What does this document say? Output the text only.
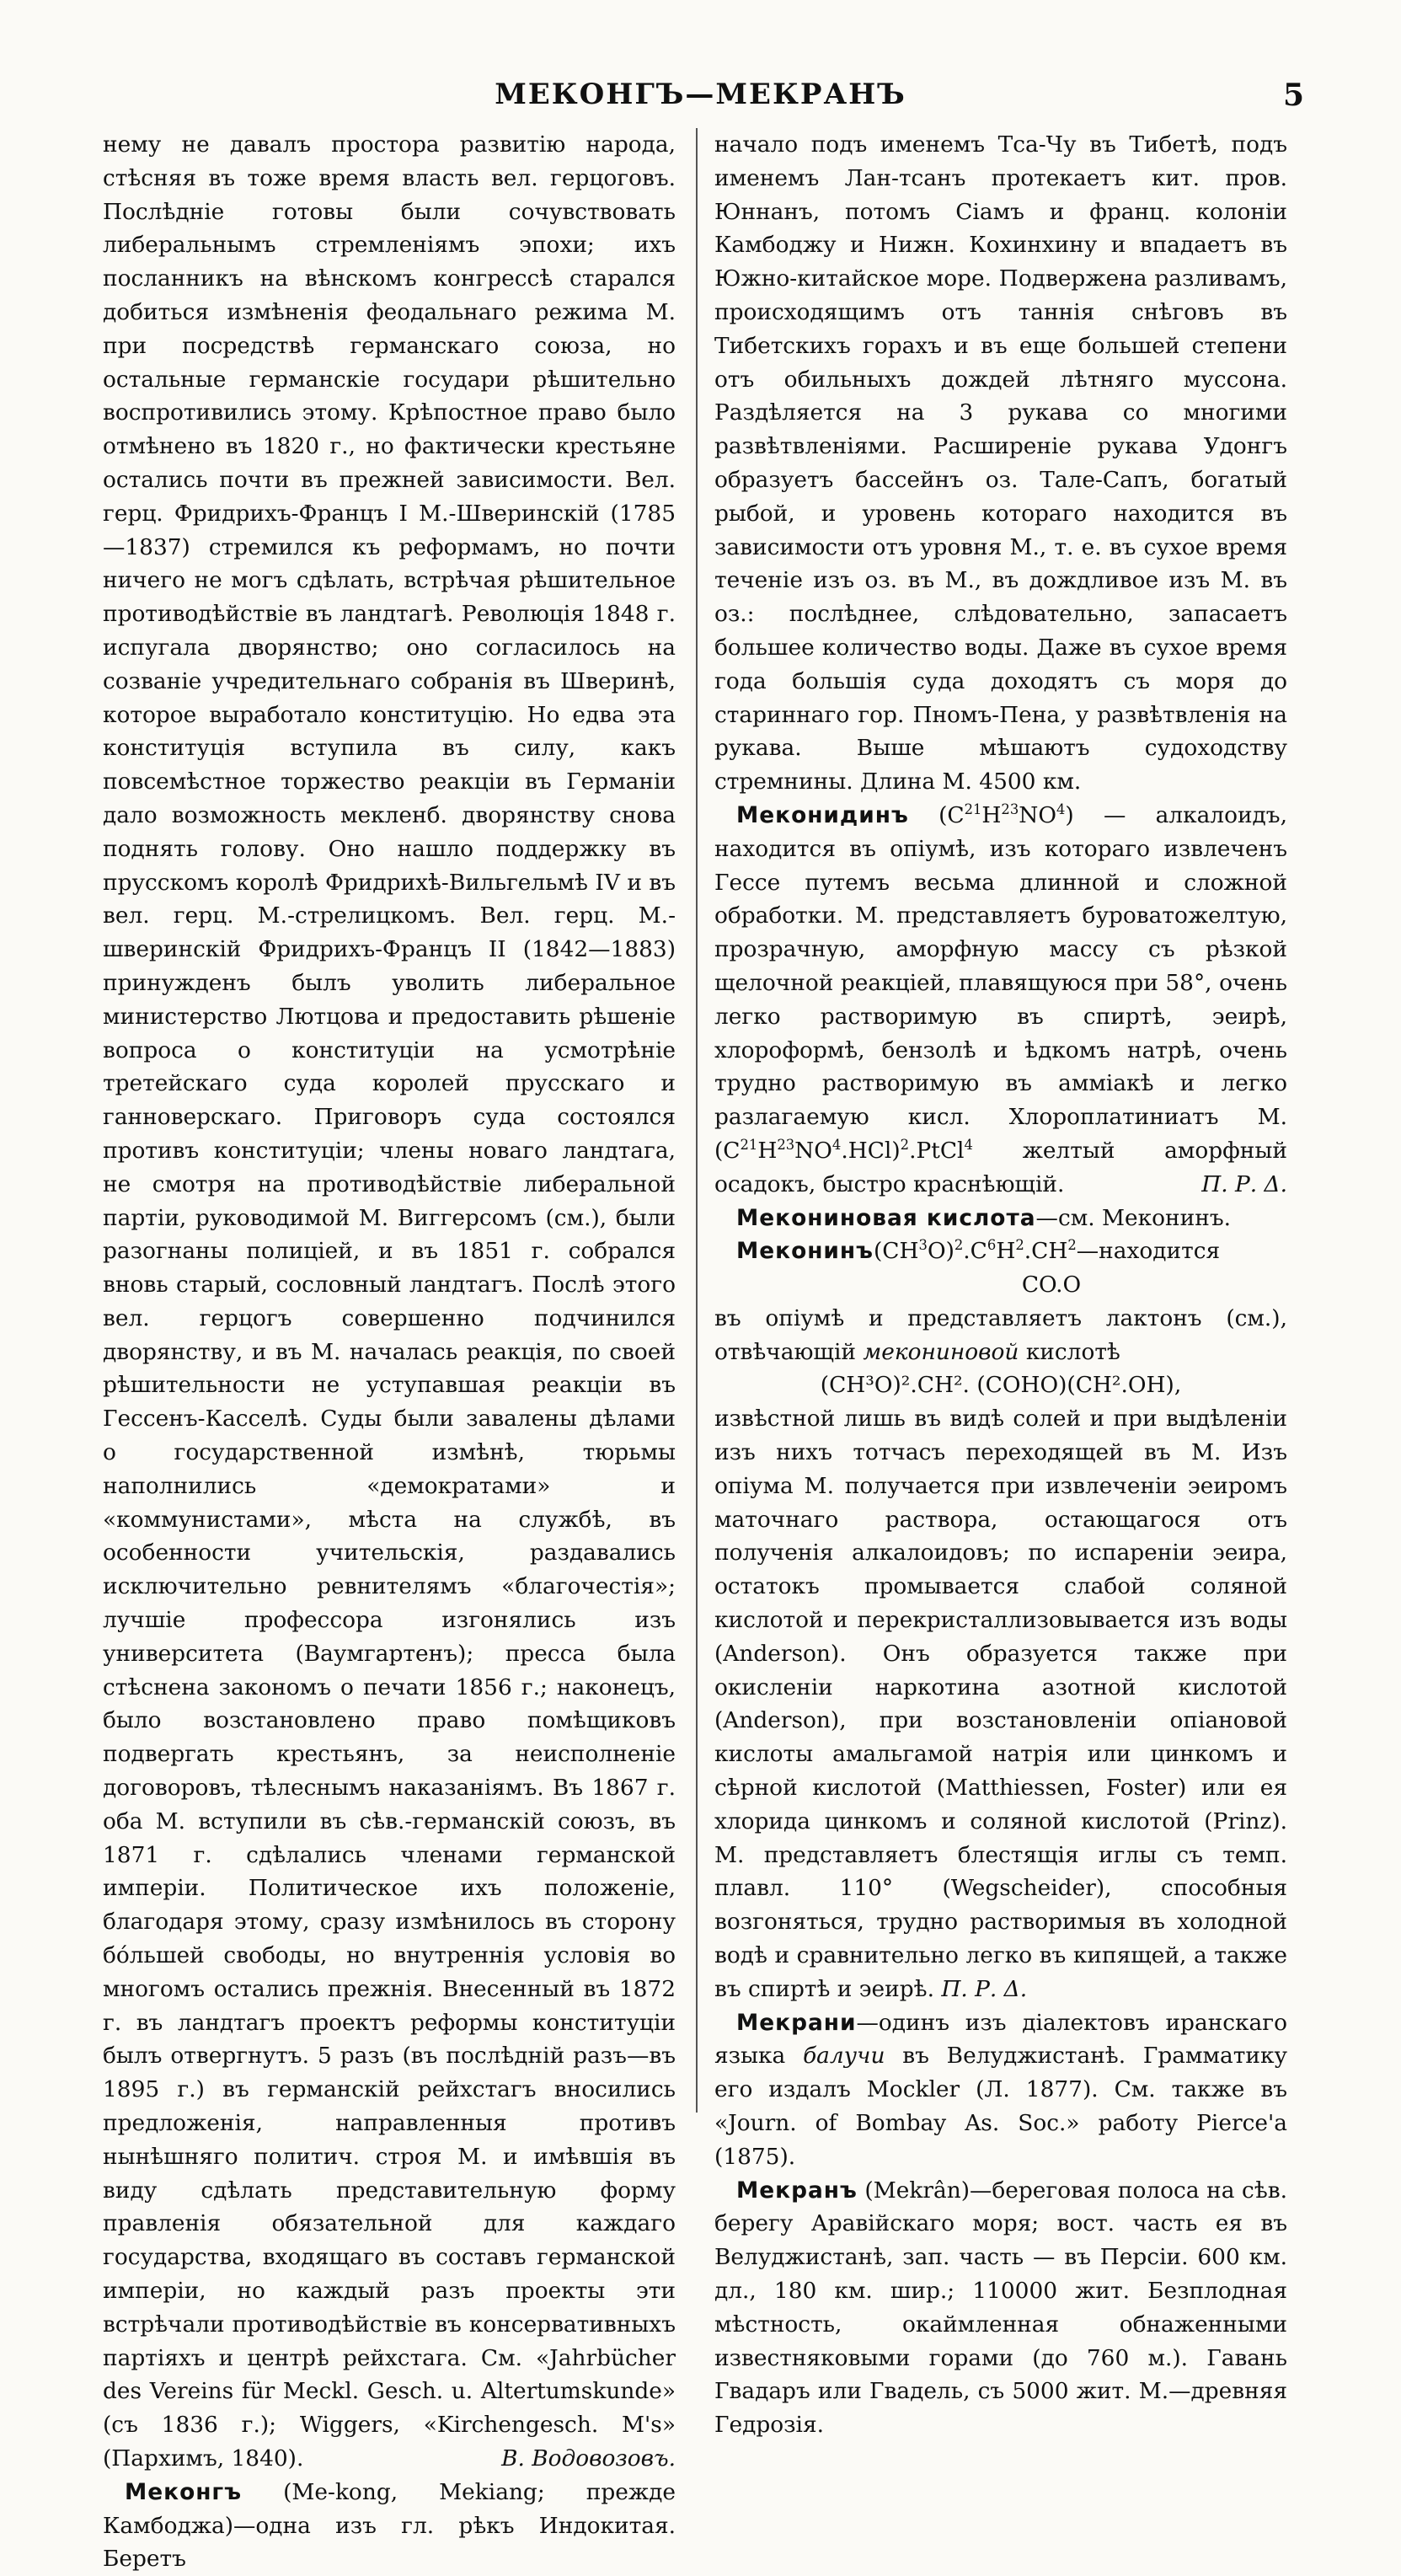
МЕКОНГЪ—МЕКРАНЪ	5

нему не давалъ простора развитію народа, стѣсняя въ тоже время власть вел. герцоговъ. Послѣдніе готовы были сочувствовать либеральнымъ стремленіямъ эпохи; ихъ посланникъ на вѣнскомъ конгрессѣ старался добиться измѣненія феодальнаго режима М. при посредствѣ германскаго союза, но остальные германскіе государи рѣшительно воспротивились этому. Крѣпостное право было отмѣнено въ 1820 г., но фактически крестьяне остались почти въ прежней зависимости. Вел. герц. Фридрихъ-Францъ I М.-Шверинскій (1785—1837) стремился къ реформамъ, но почти ничего не могъ сдѣлать, встрѣчая рѣшительное противодѣйствіе въ ландтагѣ. Революція 1848 г. испугала дворянство; оно согласилось на созваніе учредительнаго собранія въ Шверинѣ, которое выработало конституцію. Но едва эта конституція вступила въ силу, какъ повсемѣстное торжество реакціи въ Германіи дало возможность мекленб. дворянству снова поднять голову. Оно нашло поддержку въ прусскомъ королѣ Фридрихѣ-Вильгельмѣ IV и въ вел. герц. М.-стрелицкомъ. Вел. герц. М.-шверинскій Фридрихъ-Францъ II (1842—1883) принужденъ былъ уволить либеральное министерство Лютцова и предоставить рѣшеніе вопроса о конституціи на усмотрѣніе третейскаго суда королей прусскаго и ганноверскаго. Приговоръ суда состоялся противъ конституціи; члены новаго ландтага, не смотря на противодѣйствіе либеральной партіи, руководимой М. Виггерсомъ (см.), были разогнаны полиціей, и въ 1851 г. собрался вновь старый, сословный ландтагъ. Послѣ этого вел. герцогъ совершенно подчинился дворянству, и въ М. началась реакція, по своей рѣшительности не уступавшая реакціи въ Гессенъ-Касселѣ. Суды были завалены дѣлами о государственной измѣнѣ, тюрьмы наполнились «демократами» и «коммунистами», мѣста на службѣ, въ особенности учительскія, раздавались исключительно ревнителямъ «благочестія»; лучшіе профессора изгонялись изъ университета (Ваумгартенъ); пресса была стѣснена закономъ о печати 1856 г.; наконецъ, было возстановлено право помѣщиковъ подвергать крестьянъ, за неисполненіе договоровъ, тѣлеснымъ наказаніямъ. Въ 1867 г. оба М. вступили въ сѣв.-германскій союзъ, въ 1871 г. сдѣлались членами германской имперіи. Политическое ихъ положеніе, благодаря этому, сразу измѣнилось въ сторону бо́льшей свободы, но внутреннія условія во многомъ остались прежнія. Внесенный въ 1872 г. въ ландтагъ проектъ реформы конституціи былъ отвергнутъ. 5 разъ (въ послѣдній разъ—въ 1895 г.) въ германскій рейхстагъ вносились предложенія, направленныя противъ нынѣшняго политич. строя М. и имѣвшія въ виду сдѣлать представительную форму правленія обязательной для каждаго государства, входящаго въ составъ германской имперіи, но каждый разъ проекты эти встрѣчали противодѣйствіе въ консервативныхъ партіяхъ и центрѣ рейхстага. См. «Jahrbücher des Vereins für Meckl. Gesch. u. Altertumskunde» (съ 1836 г.); Wiggers, «Kirchengesch. M's» (Пархимъ, 1840).	В. Водовозовъ.

Меконгъ (Me-kong, Mekiang; прежде Камбоджа)—одна изъ гл. рѣкъ Индокитая. Беретъ

начало подъ именемъ Тса-Чу въ Тибетѣ, подъ именемъ Лан-тсанъ протекаетъ кит. пров. Юннанъ, потомъ Сіамъ и франц. колоніи Камбоджу и Нижн. Кохинхину и впадаетъ въ Южно-китайское море. Подвержена разливамъ, происходящимъ отъ таннія снѣговъ въ Тибетскихъ горахъ и въ еще большей степени отъ обильныхъ дождей лѣтняго муссона. Раздѣляется на 3 рукава со многими развѣтвленіями. Расширеніе рукава Удонгъ образуетъ бассейнъ оз. Тале-Сапъ, богатый рыбой, и уровень котораго находится въ зависимости отъ уровня М., т. е. въ сухое время теченіе изъ оз. въ М., въ дождливое изъ М. въ оз.: послѣднее, слѣдовательно, запасаетъ большее количество воды. Даже въ сухое время года большія суда доходятъ съ моря до стариннаго гор. Пномъ-Пена, у развѣтвленія на рукава. Выше мѣшаютъ судоходству стремнины. Длина М. 4500 км.

Меконидинъ $(C^{21}H^{23}NO^4)$ — алкалоидъ, находится въ опіумѣ, изъ котораго извлеченъ Гессе путемъ весьма длинной и сложной обработки. М. представляетъ буроватожелтую, прозрачную, аморфную массу съ рѣзкой щелочной реакціей, плавящуюся при 58°, очень легко растворимую въ спиртѣ, эеирѣ, хлороформѣ, бензолѣ и ѣдкомъ натрѣ, очень трудно растворимую въ аммiакѣ и легко разлагаемую кисл. Хлороплатиниатъ М. $(C^{21}H^{23}NO^4.HCl)^2.PtCl^4$ желтый аморфный осадокъ, быстро краснѣющій.	П. Р. Δ.

Меконинoвая кислота—см. Меконинъ.

$Меконинъ(CH^3O)^2.C^6H^2.CH^2—находится$

CO.O

въ опіумѣ и представляетъ лактонъ (см.), отвѣчающій мекониновой кислотѣ

(CH³O)².CH². (COHO)(CH².OH),

извѣстной лишь въ видѣ солей и при выдѣленіи изъ нихъ тотчасъ переходящей въ М. Изъ опіума М. получается при извлеченіи эеиромъ маточнаго раствора, остающагося отъ полученія алкалоидовъ; по испареніи эеира, остатокъ промывается слабой соляной кислотой и перекристаллизовывается изъ воды (Anderson). Онъ образуется также при окисленіи наркотина азотной кислотой (Anderson), при возстановленіи опіановой кислоты амальгамой натрія или цинкомъ и сѣрной кислотой (Matthiessen, Foster) или ея хлорида цинкомъ и соляной кислотой (Prinz). М. представляетъ блестящія иглы съ темп. плавл. 110° (Wegscheider), способныя возгоняться, трудно растворимыя въ холодной водѣ и сравнительно легко въ кипящей, а также въ спиртѣ и эеирѣ. П. Р. Δ.

Мекрани—одинъ изъ діалектовъ иранскаго языка балучи въ Велуджистанѣ. Грамматику его издалъ Mockler (Л. 1877). См. также въ «Journ. of Bombay As. Soc.» работу Pierce'a (1875).

Мекранъ (Mekrân)—береговая полоса на сѣв. берегу Аравійскаго моря; вост. часть ея въ Велуджистанѣ, зап. часть — въ Персіи. 600 км. дл., 180 км. шир.; 110000 жит. Безплодная мѣстность, окаймленная обнаженными известняковыми горами (до 760 м.). Гавань Гвадаръ или Гвадель, съ 5000 жит. М.—древняя Гедрозія.
